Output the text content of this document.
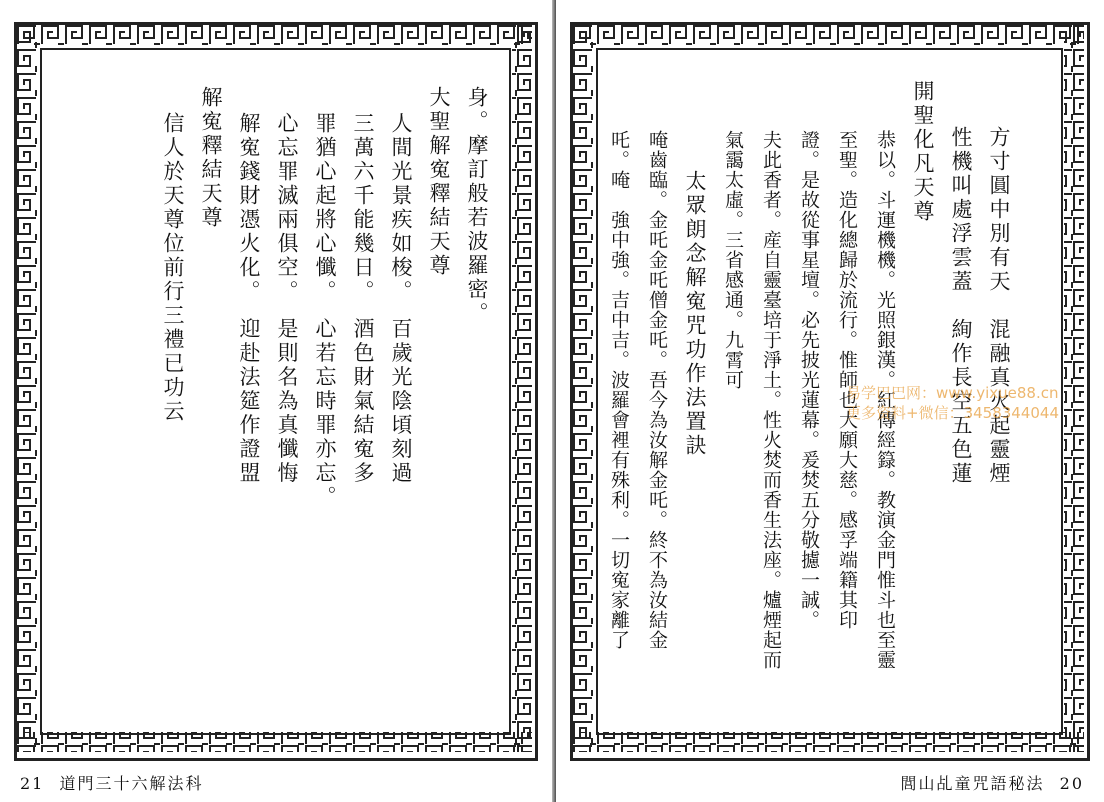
身。摩訂般若波羅密。
大聖解寃釋結天尊
人間光景疾如梭。　百歲光陰頃刻過
三萬六千能幾日。　酒色財氣結寃多
罪猶心起將心懺。　心若忘時罪亦忘。
心忘罪滅兩俱空。　是則名為真懺悔
解寃錢財憑火化。　迎赴法筵作證盟
解寃釋結天尊
信人於天尊位前行三禮已功云
21 道門三十六解法科
方寸圓中別有天　混融真火起靈煙
性機叫處浮雲蓋　絢作長空五色蓮
開聖化凡天尊
恭以。斗運機機。光照銀漢。紅傳經籙。教演金門惟斗也至靈
至聖。造化總歸於流行。惟師也大願大慈。感孚端籍其印
證。是故從事星壇。必先披光蓮幕。爰焚五分敬攄一誠。
夫此香者。産自靈臺培于淨土。性火焚而香生法座。爐煙起而
氣靄太虛。三省感通。九霄可
太眾朗念解寃咒功作法置訣
唵齒臨。金吒金吒僧金吒。吾今為汝解金吒。終不為汝結金
吒。唵　強中強。吉中吉。波羅會裡有殊利。一切寃家離了
閭山乩童咒語秘法 20
易学巴巴网：www.yixue88.cn
更多资料+微信：3458344044
